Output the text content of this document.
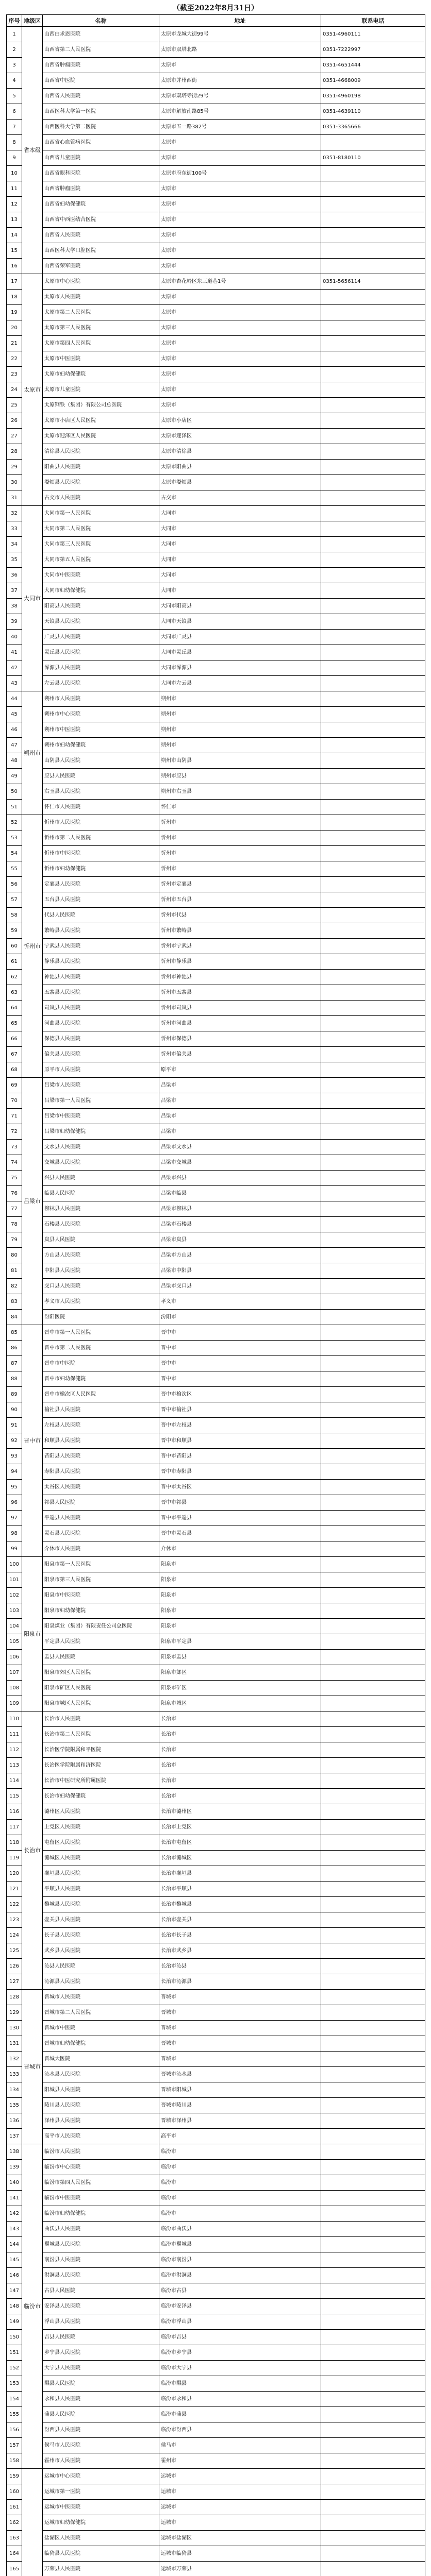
（截至2022年8月31日）
序号	地级区	名称	地址	联系电话
1	省本级	山西白求恩医院	太原市龙城大街99号	0351-4960111
2		山西省第二人民医院	太原市双塔北路	0351-7222997
3		山西省肿瘤医院	太原市	0351-4651444
4		山西省中医院	太原市并州西街	0351-4668009
5		山西省人民医院	太原市双塔寺街29号	0351-4960198
6		山西医科大学第一医院	太原市解放南路85号	0351-4639110
7		山西医科大学第二医院	太原市五一路382号	0351-3365666
8		山西省心血管病医院	太原市	
9		山西省儿童医院	太原市	0351-8180110
10		山西省眼科医院	太原市府东街100号	
11		山西省肿瘤医院	太原市	
12		山西省妇幼保健院	太原市	
13		山西省中西医结合医院	太原市	
14		山西省人民医院	太原市	
15		山西医科大学口腔医院	太原市	
16		山西省荣军医院	太原市	
17	太原市	太原市中心医院	太原市杏花岭区东三道巷1号	0351-5656114
18		太原市人民医院	太原市	
19		太原市第二人民医院	太原市	
20		太原市第三人民医院	太原市	
21		太原市第四人民医院	太原市	
22		太原市中医医院	太原市	
23		太原市妇幼保健院	太原市	
24		太原市儿童医院	太原市	
25		太原钢铁（集团）有限公司总医院	太原市	
26		太原市小店区人民医院	太原市小店区	
27		太原市迎泽区人民医院	太原市迎泽区	
28		清徐县人民医院	太原市清徐县	
29		阳曲县人民医院	太原市阳曲县	
30		娄烦县人民医院	太原市娄烦县	
31		古交市人民医院	古交市	
32	大同市	大同市第一人民医院	大同市	
33		大同市第二人民医院	大同市	
34		大同市第三人民医院	大同市	
35		大同市第五人民医院	大同市	
36		大同市中医医院	大同市	
37		大同市妇幼保健院	大同市	
38		阳高县人民医院	大同市阳高县	
39		天镇县人民医院	大同市天镇县	
40		广灵县人民医院	大同市广灵县	
41		灵丘县人民医院	大同市灵丘县	
42		浑源县人民医院	大同市浑源县	
43		左云县人民医院	大同市左云县	
44	朔州市	朔州市人民医院	朔州市	
45		朔州市中心医院	朔州市	
46		朔州市中医医院	朔州市	
47		朔州市妇幼保健院	朔州市	
48		山阴县人民医院	朔州市山阴县	
49		应县人民医院	朔州市应县	
50		右玉县人民医院	朔州市右玉县	
51		怀仁市人民医院	怀仁市	
52	忻州市	忻州市人民医院	忻州市	
53		忻州市第二人民医院	忻州市	
54		忻州市中医医院	忻州市	
55		忻州市妇幼保健院	忻州市	
56		定襄县人民医院	忻州市定襄县	
57		五台县人民医院	忻州市五台县	
58		代县人民医院	忻州市代县	
59		繁峙县人民医院	忻州市繁峙县	
60		宁武县人民医院	忻州市宁武县	
61		静乐县人民医院	忻州市静乐县	
62		神池县人民医院	忻州市神池县	
63		五寨县人民医院	忻州市五寨县	
64		岢岚县人民医院	忻州市岢岚县	
65		河曲县人民医院	忻州市河曲县	
66		保德县人民医院	忻州市保德县	
67		偏关县人民医院	忻州市偏关县	
68		原平市人民医院	原平市	
69	吕梁市	吕梁市人民医院	吕梁市	
70		吕梁市第一人民医院	吕梁市	
71		吕梁市中医医院	吕梁市	
72		吕梁市妇幼保健院	吕梁市	
73		文水县人民医院	吕梁市文水县	
74		交城县人民医院	吕梁市交城县	
75		兴县人民医院	吕梁市兴县	
76		临县人民医院	吕梁市临县	
77		柳林县人民医院	吕梁市柳林县	
78		石楼县人民医院	吕梁市石楼县	
79		岚县人民医院	吕梁市岚县	
80		方山县人民医院	吕梁市方山县	
81		中阳县人民医院	吕梁市中阳县	
82		交口县人民医院	吕梁市交口县	
83		孝义市人民医院	孝义市	
84		汾阳医院	汾阳市	
85	晋中市	晋中市第一人民医院	晋中市	
86		晋中市第二人民医院	晋中市	
87		晋中市中医院	晋中市	
88		晋中市妇幼保健院	晋中市	
89		晋中市榆次区人民医院	晋中市榆次区	
90		榆社县人民医院	晋中市榆社县	
91		左权县人民医院	晋中市左权县	
92		和顺县人民医院	晋中市和顺县	
93		昔阳县人民医院	晋中市昔阳县	
94		寿阳县人民医院	晋中市寿阳县	
95		太谷区人民医院	晋中市太谷区	
96		祁县人民医院	晋中市祁县	
97		平遥县人民医院	晋中市平遥县	
98		灵石县人民医院	晋中市灵石县	
99		介休市人民医院	介休市	
100	阳泉市	阳泉市第一人民医院	阳泉市	
101		阳泉市第三人民医院	阳泉市	
102		阳泉市中医医院	阳泉市	
103		阳泉市妇幼保健院	阳泉市	
104		阳泉煤业（集团）有限责任公司总医院	阳泉市	
105		平定县人民医院	阳泉市平定县	
106		盂县人民医院	阳泉市盂县	
107		阳泉市郊区人民医院	阳泉市郊区	
108		阳泉市矿区人民医院	阳泉市矿区	
109		阳泉市城区人民医院	阳泉市城区	
110	长治市	长治市人民医院	长治市	
111		长治市第二人民医院	长治市	
112		长治医学院附属和平医院	长治市	
113		长治医学院附属和济医院	长治市	
114		长治市中医研究所附属医院	长治市	
115		长治市妇幼保健院	长治市	
116		潞州区人民医院	长治市潞州区	
117		上党区人民医院	长治市上党区	
118		屯留区人民医院	长治市屯留区	
119		潞城区人民医院	长治市潞城区	
120		襄垣县人民医院	长治市襄垣县	
121		平顺县人民医院	长治市平顺县	
122		黎城县人民医院	长治市黎城县	
123		壶关县人民医院	长治市壶关县	
124		长子县人民医院	长治市长子县	
125		武乡县人民医院	长治市武乡县	
126		沁县人民医院	长治市沁县	
127		沁源县人民医院	长治市沁源县	
128	晋城市	晋城市人民医院	晋城市	
129		晋城市第二人民医院	晋城市	
130		晋城市中医院	晋城市	
131		晋城市妇幼保健院	晋城市	
132		晋城大医院	晋城市	
133		沁水县人民医院	晋城市沁水县	
134		阳城县人民医院	晋城市阳城县	
135		陵川县人民医院	晋城市陵川县	
136		泽州县人民医院	晋城市泽州县	
137		高平市人民医院	高平市	
138	临汾市	临汾市人民医院	临汾市	
139		临汾市中心医院	临汾市	
140		临汾市第四人民医院	临汾市	
141		临汾市中医医院	临汾市	
142		临汾市妇幼保健院	临汾市	
143		曲沃县人民医院	临汾市曲沃县	
144		翼城县人民医院	临汾市翼城县	
145		襄汾县人民医院	临汾市襄汾县	
146		洪洞县人民医院	临汾市洪洞县	
147		古县人民医院	临汾市古县	
148		安泽县人民医院	临汾市安泽县	
149		浮山县人民医院	临汾市浮山县	
150		吉县人民医院	临汾市吉县	
151		乡宁县人民医院	临汾市乡宁县	
152		大宁县人民医院	临汾市大宁县	
153		隰县人民医院	临汾市隰县	
154		永和县人民医院	临汾市永和县	
155		蒲县人民医院	临汾市蒲县	
156		汾西县人民医院	临汾市汾西县	
157		侯马市人民医院	侯马市	
158		霍州市人民医院	霍州市	
159		运城市中心医院	运城市	
160		运城市第一医院	运城市	
161		运城市中医医院	运城市	
162		运城市妇幼保健院	运城市	
163		盐湖区人民医院	运城市盐湖区	
164		临猗县人民医院	运城市临猗县	
165		万荣县人民医院	运城市万荣县	
